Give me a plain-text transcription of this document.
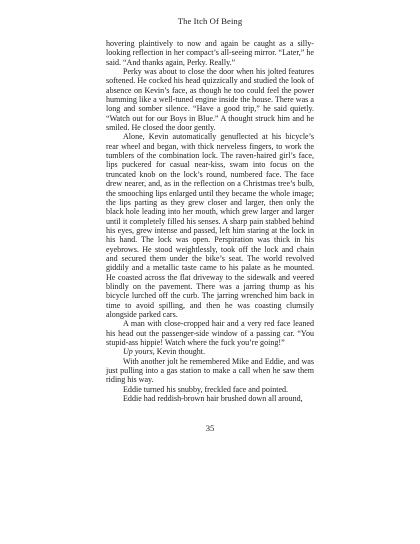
The Itch Of Being

hovering plaintively to now and again be caught as a silly-looking reflection in her compact’s all-seeing mirror. “Later,” he said. “And thanks again, Perky. Really.”

Perky was about to close the door when his jolted features softened. He cocked his head quizzically and studied the look of absence on Kevin’s face, as though he too could feel the power humming like a well-tuned engine inside the house. There was a long and somber silence. “Have a good trip,” he said quietly. “Watch out for our Boys in Blue.” A thought struck him and he smiled. He closed the door gently.

Alone, Kevin automatically genuflected at his bicycle’s rear wheel and began, with thick nerveless fingers, to work the tumblers of the combination lock. The raven-haired girl’s face, lips puckered for casual near-kiss, swam into focus on the truncated knob on the lock’s round, numbered face. The face drew nearer, and, as in the reflection on a Christmas tree’s bulb, the smooching lips enlarged until they became the whole image; the lips parting as they grew closer and larger, then only the black hole leading into her mouth, which grew larger and larger until it completely filled his senses. A sharp pain stabbed behind his eyes, grew intense and passed, left him staring at the lock in his hand. The lock was open. Perspiration was thick in his eyebrows. He stood weightlessly, took off the lock and chain and secured them under the bike’s seat. The world revolved giddily and a metallic taste came to his palate as he mounted. He coasted across the flat driveway to the sidewalk and veered blindly on the pavement. There was a jarring thump as his bicycle lurched off the curb. The jarring wrenched him back in time to avoid spilling, and then he was coasting clumsily alongside parked cars.

A man with close-cropped hair and a very red face leaned his head out the passenger-side window of a passing car. “You stupid-ass hippie! Watch where the fuck you’re going!”

Up yours, Kevin thought.

With another jolt he remembered Mike and Eddie, and was just pulling into a gas station to make a call when he saw them riding his way.

Eddie turned his snubby, freckled face and pointed.

Eddie had reddish-brown hair brushed down all around,

35
